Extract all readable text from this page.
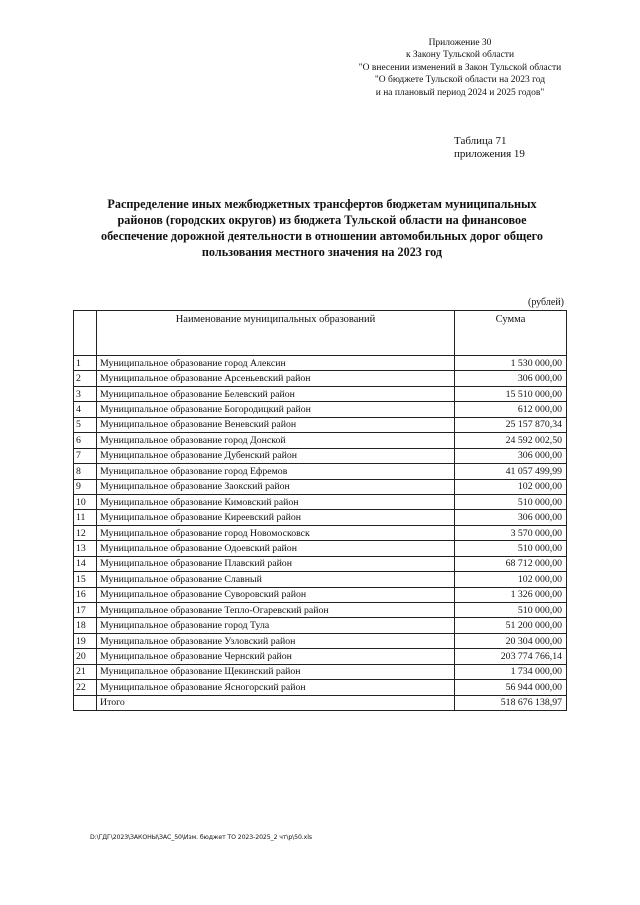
Приложение 30
к Закону Тульской области
"О внесении изменений в Закон Тульской области
"О бюджете Тульской области на 2023 год
и на плановый период 2024 и 2025 годов"
Таблица 71
приложения 19
Распределение иных межбюджетных трансфертов бюджетам муниципальных районов (городских округов) из бюджета Тульской области на финансовое обеспечение дорожной деятельности в отношении автомобильных дорог общего пользования местного значения на 2023 год
(рублей)
	Наименование муниципальных образований	Сумма
1	Муниципальное образование город Алексин	1 530 000,00
2	Муниципальное образование Арсеньевский район	306 000,00
3	Муниципальное образование Белевский район	15 510 000,00
4	Муниципальное образование Богородицкий район	612 000,00
5	Муниципальное образование Веневский район	25 157 870,34
6	Муниципальное образование город Донской	24 592 002,50
7	Муниципальное образование Дубенский район	306 000,00
8	Муниципальное образование город Ефремов	41 057 499,99
9	Муниципальное образование Заокский район	102 000,00
10	Муниципальное образование Кимовский район	510 000,00
11	Муниципальное образование Киреевский район	306 000,00
12	Муниципальное образование город Новомосковск	3 570 000,00
13	Муниципальное образование Одоевский район	510 000,00
14	Муниципальное образование Плавский район	68 712 000,00
15	Муниципальное образование Славный	102 000,00
16	Муниципальное образование Суворовский район	1 326 000,00
17	Муниципальное образование Тепло-Огаревский район	510 000,00
18	Муниципальное образование город Тула	51 200 000,00
19	Муниципальное образование Узловский район	20 304 000,00
20	Муниципальное образование Чернский район	203 774 766,14
21	Муниципальное образование Щекинский район	1 734 000,00
22	Муниципальное образование Ясногорский район	56 944 000,00
	Итого	518 676 138,97
D:\ГДГ\2023\ЗАКОНЫ\ЗАС_50\Изм. бюджет ТО 2023-2025_2 чт\р\50.xls
